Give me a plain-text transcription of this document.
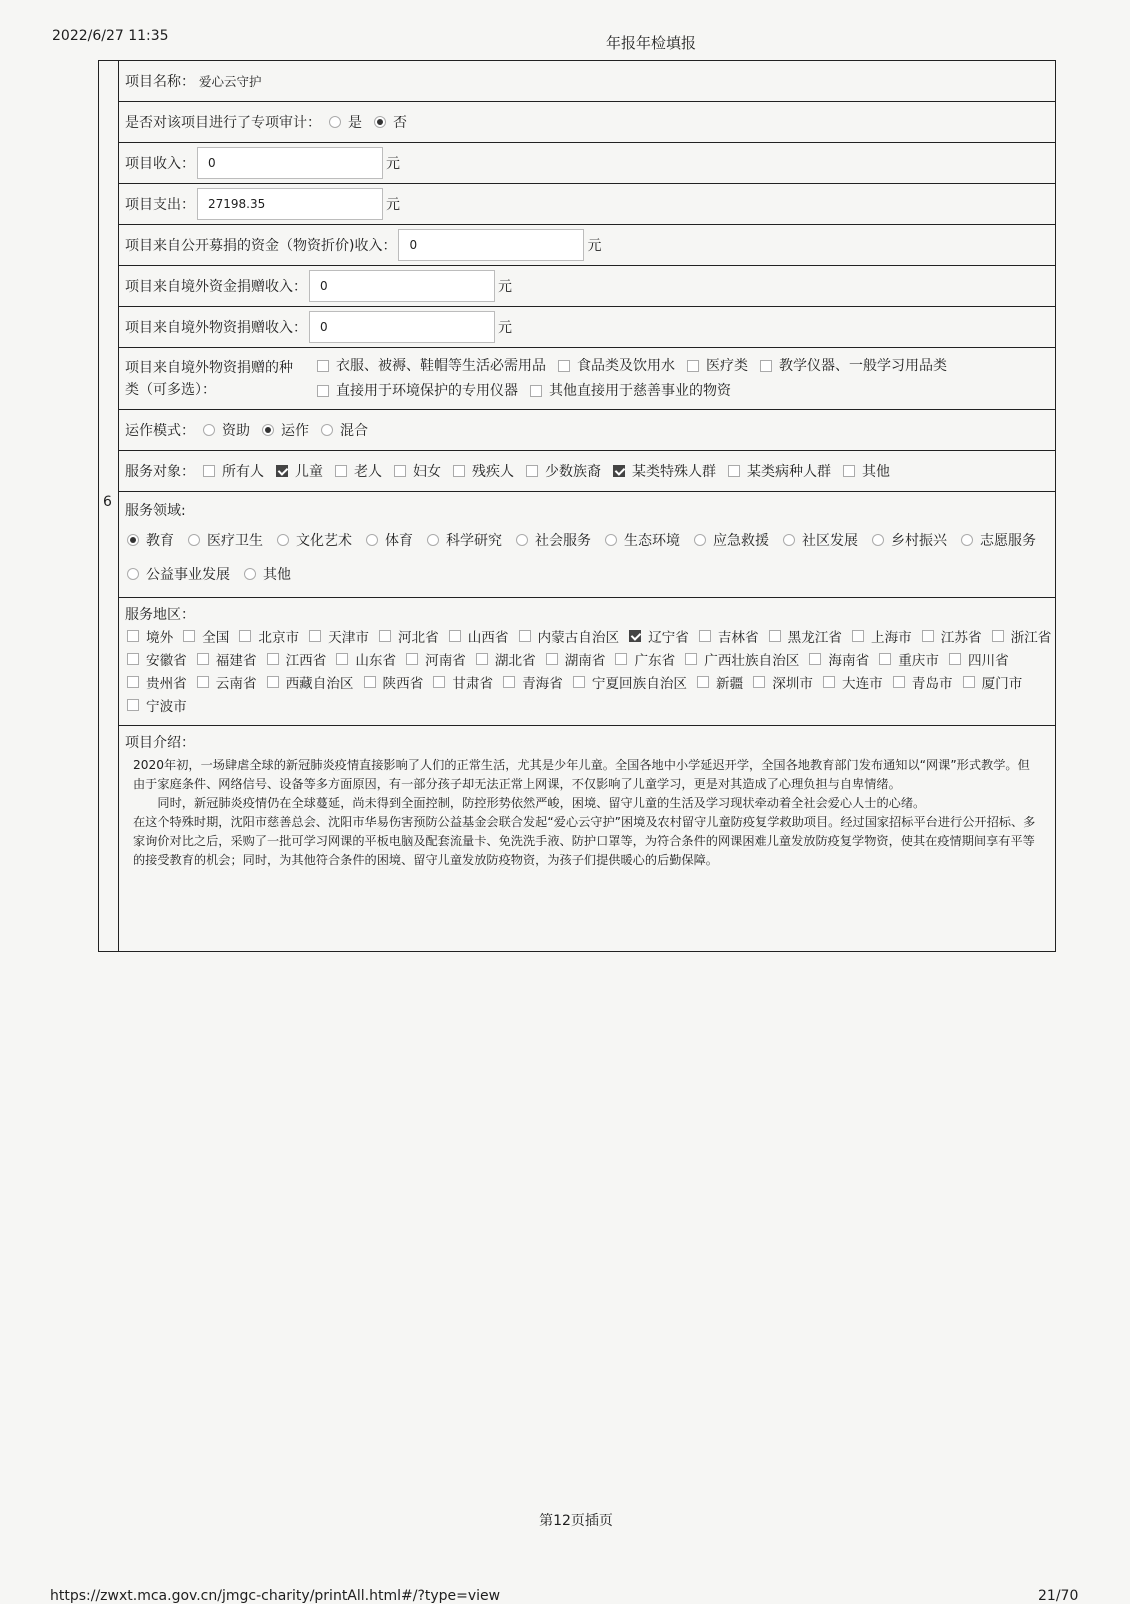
2022/6/27 11:35	年报年检填报
6
项目名称： 爱心云守护
是否对该项目进行了专项审计： 是 否
项目收入：	0	元
项目支出：	27198.35	元
项目来自公开募捐的资金（物资折价)收入：	0	元
项目来自境外资金捐赠收入：	0	元
项目来自境外物资捐赠收入：	0	元
项目来自境外物资捐赠的种
类（可多选）：
衣服、被褥、鞋帽等生活必需用品 食品类及饮用水 医疗类 教学仪器、一般学习用品类
直接用于环境保护的专用仪器 其他直接用于慈善事业的物资
运作模式： 资助 运作 混合
服务对象： 所有人 儿童 老人 妇女 残疾人 少数族裔 某类特殊人群 某类病种人群 其他
服务领域:
教育 医疗卫生 文化艺术 体育 科学研究 社会服务 生态环境 应急救援 社区发展 乡村振兴 志愿服务
公益事业发展 其他
服务地区：
境外 全国 北京市 天津市 河北省 山西省 内蒙古自治区 辽宁省 吉林省 黑龙江省 上海市 江苏省 浙江省
安徽省 福建省 江西省 山东省 河南省 湖北省 湖南省 广东省 广西壮族自治区 海南省 重庆市 四川省
贵州省 云南省 西藏自治区 陕西省 甘肃省 青海省 宁夏回族自治区 新疆 深圳市 大连市 青岛市 厦门市
宁波市
项目介绍：

2020年初，一场肆虐全球的新冠肺炎疫情直接影响了人们的正常生活，尤其是少年儿童。全国各地中小学延迟开学，全国各地教育部门发布通知以“网课”形式教学。但由于家庭条件、网络信号、设备等多方面原因，有一部分孩子却无法正常上网课，不仅影响了儿童学习，更是对其造成了心理负担与自卑情绪。

同时，新冠肺炎疫情仍在全球蔓延，尚未得到全面控制，防控形势依然严峻，困境、留守儿童的生活及学习现状牵动着全社会爱心人士的心绪。

在这个特殊时期，沈阳市慈善总会、沈阳市华易伤害预防公益基金会联合发起“爱心云守护”困境及农村留守儿童防疫复学救助项目。经过国家招标平台进行公开招标、多家询价对比之后，采购了一批可学习网课的平板电脑及配套流量卡、免洗洗手液、防护口罩等，为符合条件的网课困难儿童发放防疫复学物资，使其在疫情期间享有平等的接受教育的机会；同时，为其他符合条件的困境、留守儿童发放防疫物资，为孩子们提供暖心的后勤保障。

第12页插页
https://zwxt.mca.gov.cn/jmgc-charity/printAll.html#/?type=view	21/70
